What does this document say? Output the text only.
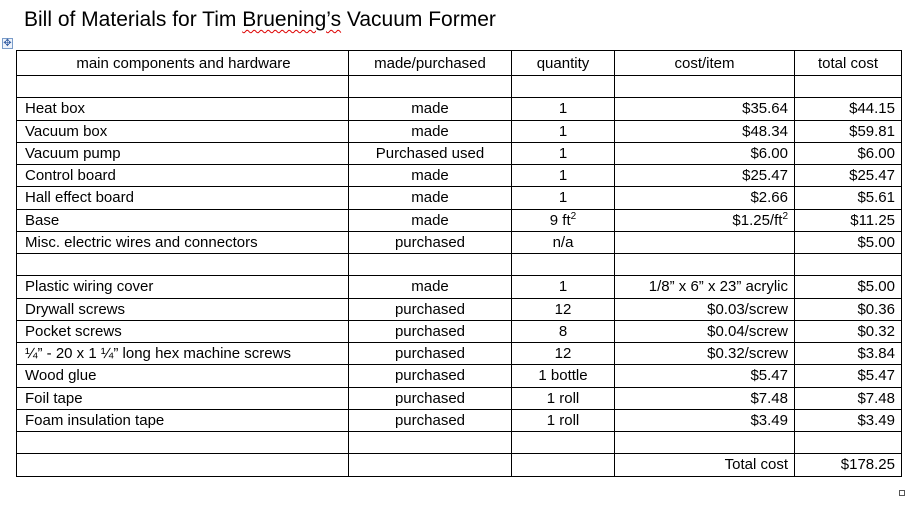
Bill of Materials for Tim Bruening’s Vacuum Former
✥
main components and hardware	made/purchased	quantity	cost/item	total cost

Heat box	made	1	$35.64	$44.15
Vacuum box	made	1	$48.34	$59.81
Vacuum pump	Purchased used	1	$6.00	$6.00
Control board	made	1	$25.47	$25.47
Hall effect board	made	1	$2.66	$5.61
Base	made	9 $ft^2$	$\$1.25/ft^2$	$11.25
Misc. electric wires and connectors	purchased	n/a		$5.00

Plastic wiring cover	made	1	1/8” x 6” x 23” acrylic	$5.00
Drywall screws	purchased	12	$0.03/screw	$0.36
Pocket screws	purchased	8	$0.04/screw	$0.32
¼” - 20 x 1 ¼” long hex machine screws	purchased	12	$0.32/screw	$3.84
Wood glue	purchased	1 bottle	$5.47	$5.47
Foil tape	purchased	1 roll	$7.48	$7.48
Foam insulation tape	purchased	1 roll	$3.49	$3.49

			Total cost	$178.25
